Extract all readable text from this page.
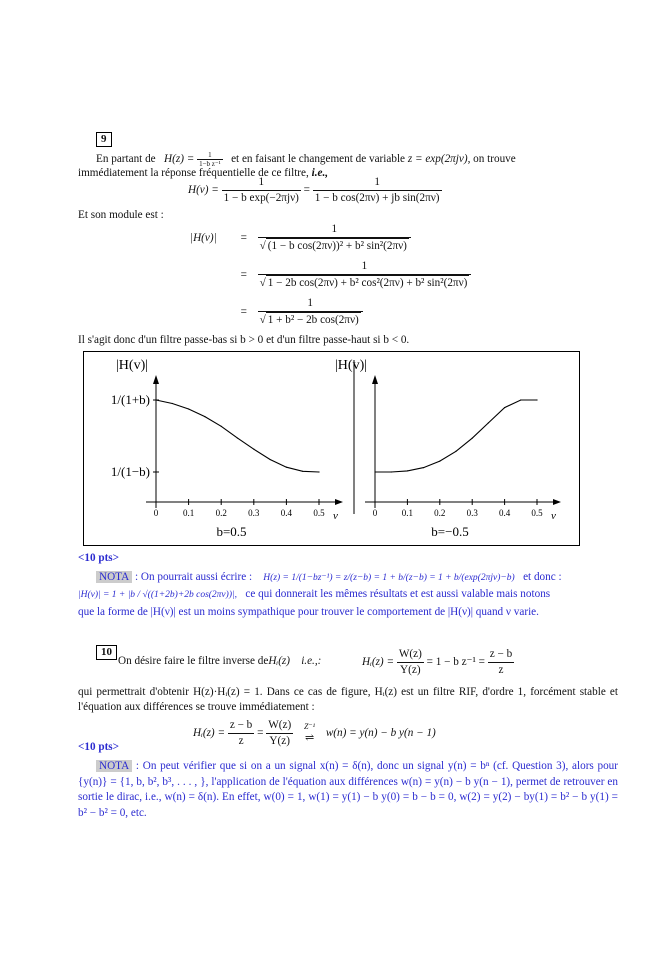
9
En partant de $H(z) = \frac{1}{\text{1−b z⁻¹}}$ et en faisant le changement de variable z = exp(2πjν), on trouve
immédiatement la réponse fréquentielle de ce filtre, i.e.,
$H(\nu) = \frac{1}{\text{1 − b exp(−2πjν)}} = \frac{1}{\text{1 − b cos(2πν) + jb sin(2πν)}}$
Et son module est :
$|H(\nu)| = \frac{1}{\text{√ (1 − b cos(2πν))² + b² sin²(2πν)}}$
= $\frac{1}{\text{√ 1 − 2b cos(2πν) + b² cos²(2πν) + b² sin²(2πν)}}$
= $\frac{1}{\text{√ 1 + b² − 2b cos(2πν)}}$
Il s'agit donc d'un filtre passe-bas si b > 0 et d'un filtre passe-haut si b < 0.
|H(v)|
v
0	0.1 0.2 0.3 0.4 0.5
1/(1+b)
1/(1−b)
b=0.5
|H(v)|
v
0	0.1 0.2 0.3 0.4 0.5
b=−0.5
<10 pts>
NOTA : On pourrait aussi écrire : H(z) = 1/(1−bz⁻¹) = z/(z−b) = 1 + b/(z−b) = 1 + b/(exp(2πjν)−b) et donc :
|H(ν)| = 1 + |b / √((1+2b)+2b cos(2πν))|, ce qui donnerait les mêmes résultats et est aussi valable mais notons
que la forme de |H(ν)| est un moins sympathique pour trouver le comportement de |H(ν)| quand ν varie.
10
On désire faire le filtre inverse deHᵢ(z) i.e.,:	Hᵢ(z) = $\frac{W(z)}{Y(z)} = 1 - b$ $z^{-1} = \frac{z - b}{z}$
qui permettrait d'obtenir H(z)·Hᵢ(z) = 1. Dans ce cas de figure, Hᵢ(z) est un filtre RIF, d'ordre 1, forcément stable et l'équation aux différences se trouve immédiatement :
Hᵢ(z) = $\frac{z - b}{z} = \frac{W(z)}{Y(z)}$
Z⁻¹
⇌ w(n) = y(n) − b y(n − 1)
<10 pts>
NOTA : On peut vérifier que si on a un signal x(n) = δ(n), donc un signal y(n) = bⁿ (cf. Question 3), alors pour {y(n)} = {1, b, b², b³, . . . , }, l'application de l'équation aux différences w(n) = y(n) − b y(n − 1), permet de retrouver en sortie le dirac, i.e., w(n) = δ(n). En effet, w(0) = 1, w(1) = y(1) − b y(0) = b − b = 0, w(2) = y(2) − by(1) = b² − b y(1) = b² − b² = 0, etc.
